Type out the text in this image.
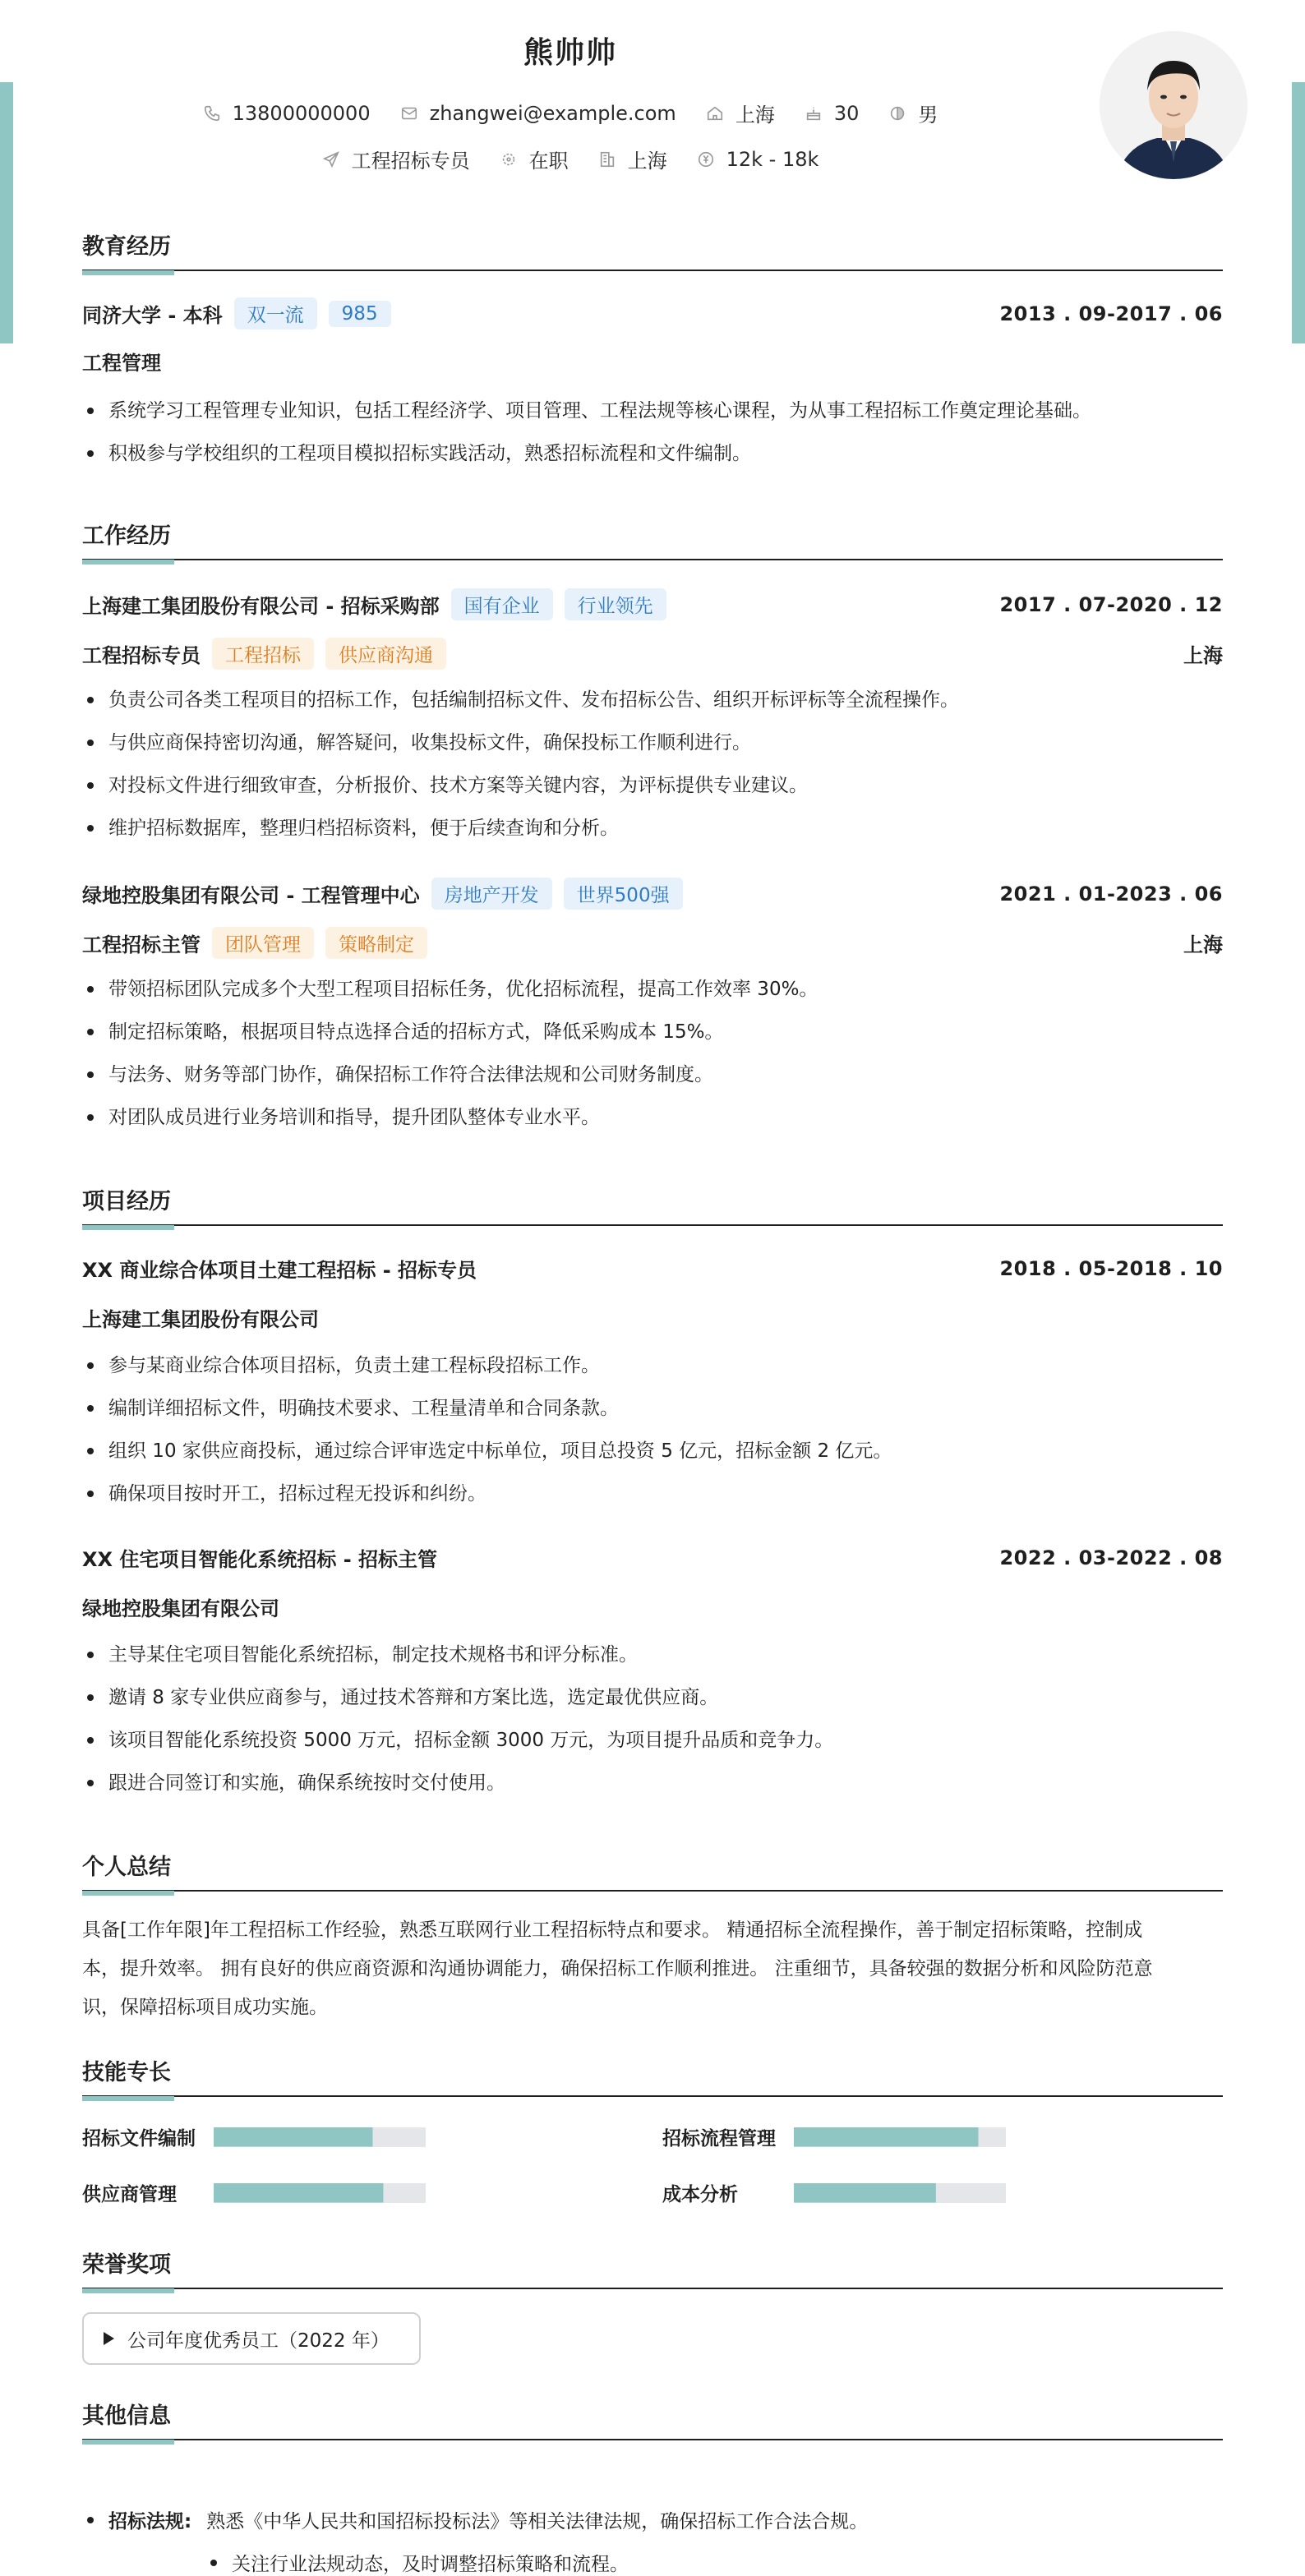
熊帅帅
13800000000	zhangwei@example.com	上海	30	男
工程招标专员	在职	上海	12k - 18k
教育经历
同济大学 - 本科	双一流	985	2013 . 09-2017 . 06
工程管理
系统学习工程管理专业知识，包括工程经济学、项目管理、工程法规等核心课程，为从事工程招标工作奠定理论基础。
积极参与学校组织的工程项目模拟招标实践活动，熟悉招标流程和文件编制。
工作经历
上海建工集团股份有限公司 - 招标采购部	国有企业	行业领先	2017 . 07-2020 . 12
工程招标专员	工程招标	供应商沟通	上海
负责公司各类工程项目的招标工作，包括编制招标文件、发布招标公告、组织开标评标等全流程操作。
与供应商保持密切沟通，解答疑问，收集投标文件，确保投标工作顺利进行。
对投标文件进行细致审查，分析报价、技术方案等关键内容，为评标提供专业建议。
维护招标数据库，整理归档招标资料，便于后续查询和分析。
绿地控股集团有限公司 - 工程管理中心	房地产开发	世界500强	2021 . 01-2023 . 06
工程招标主管	团队管理	策略制定	上海
带领招标团队完成多个大型工程项目招标任务，优化招标流程，提高工作效率 30%。
制定招标策略，根据项目特点选择合适的招标方式，降低采购成本 15%。
与法务、财务等部门协作，确保招标工作符合法律法规和公司财务制度。
对团队成员进行业务培训和指导，提升团队整体专业水平。
项目经历
XX 商业综合体项目土建工程招标 - 招标专员	2018 . 05-2018 . 10
上海建工集团股份有限公司
参与某商业综合体项目招标，负责土建工程标段招标工作。
编制详细招标文件，明确技术要求、工程量清单和合同条款。
组织 10 家供应商投标，通过综合评审选定中标单位，项目总投资 5 亿元，招标金额 2 亿元。
确保项目按时开工，招标过程无投诉和纠纷。
XX 住宅项目智能化系统招标 - 招标主管	2022 . 03-2022 . 08
绿地控股集团有限公司
主导某住宅项目智能化系统招标，制定技术规格书和评分标准。
邀请 8 家专业供应商参与，通过技术答辩和方案比选，选定最优供应商。
该项目智能化系统投资 5000 万元，招标金额 3000 万元，为项目提升品质和竞争力。
跟进合同签订和实施，确保系统按时交付使用。
个人总结
具备[工作年限]年工程招标工作经验，熟悉互联网行业工程招标特点和要求。 精通招标全流程操作，善于制定招标策略，控制成
本，提升效率。 拥有良好的供应商资源和沟通协调能力，确保招标工作顺利推进。 注重细节，具备较强的数据分析和风险防范意
识，保障招标项目成功实施。
技能专长
招标文件编制	招标流程管理
供应商管理	成本分析
荣誉奖项
公司年度优秀员工（2022 年）
其他信息
招标法规: 熟悉《中华人民共和国招标投标法》等相关法律法规，确保招标工作合法合规。
关注行业法规动态，及时调整招标策略和流程。
